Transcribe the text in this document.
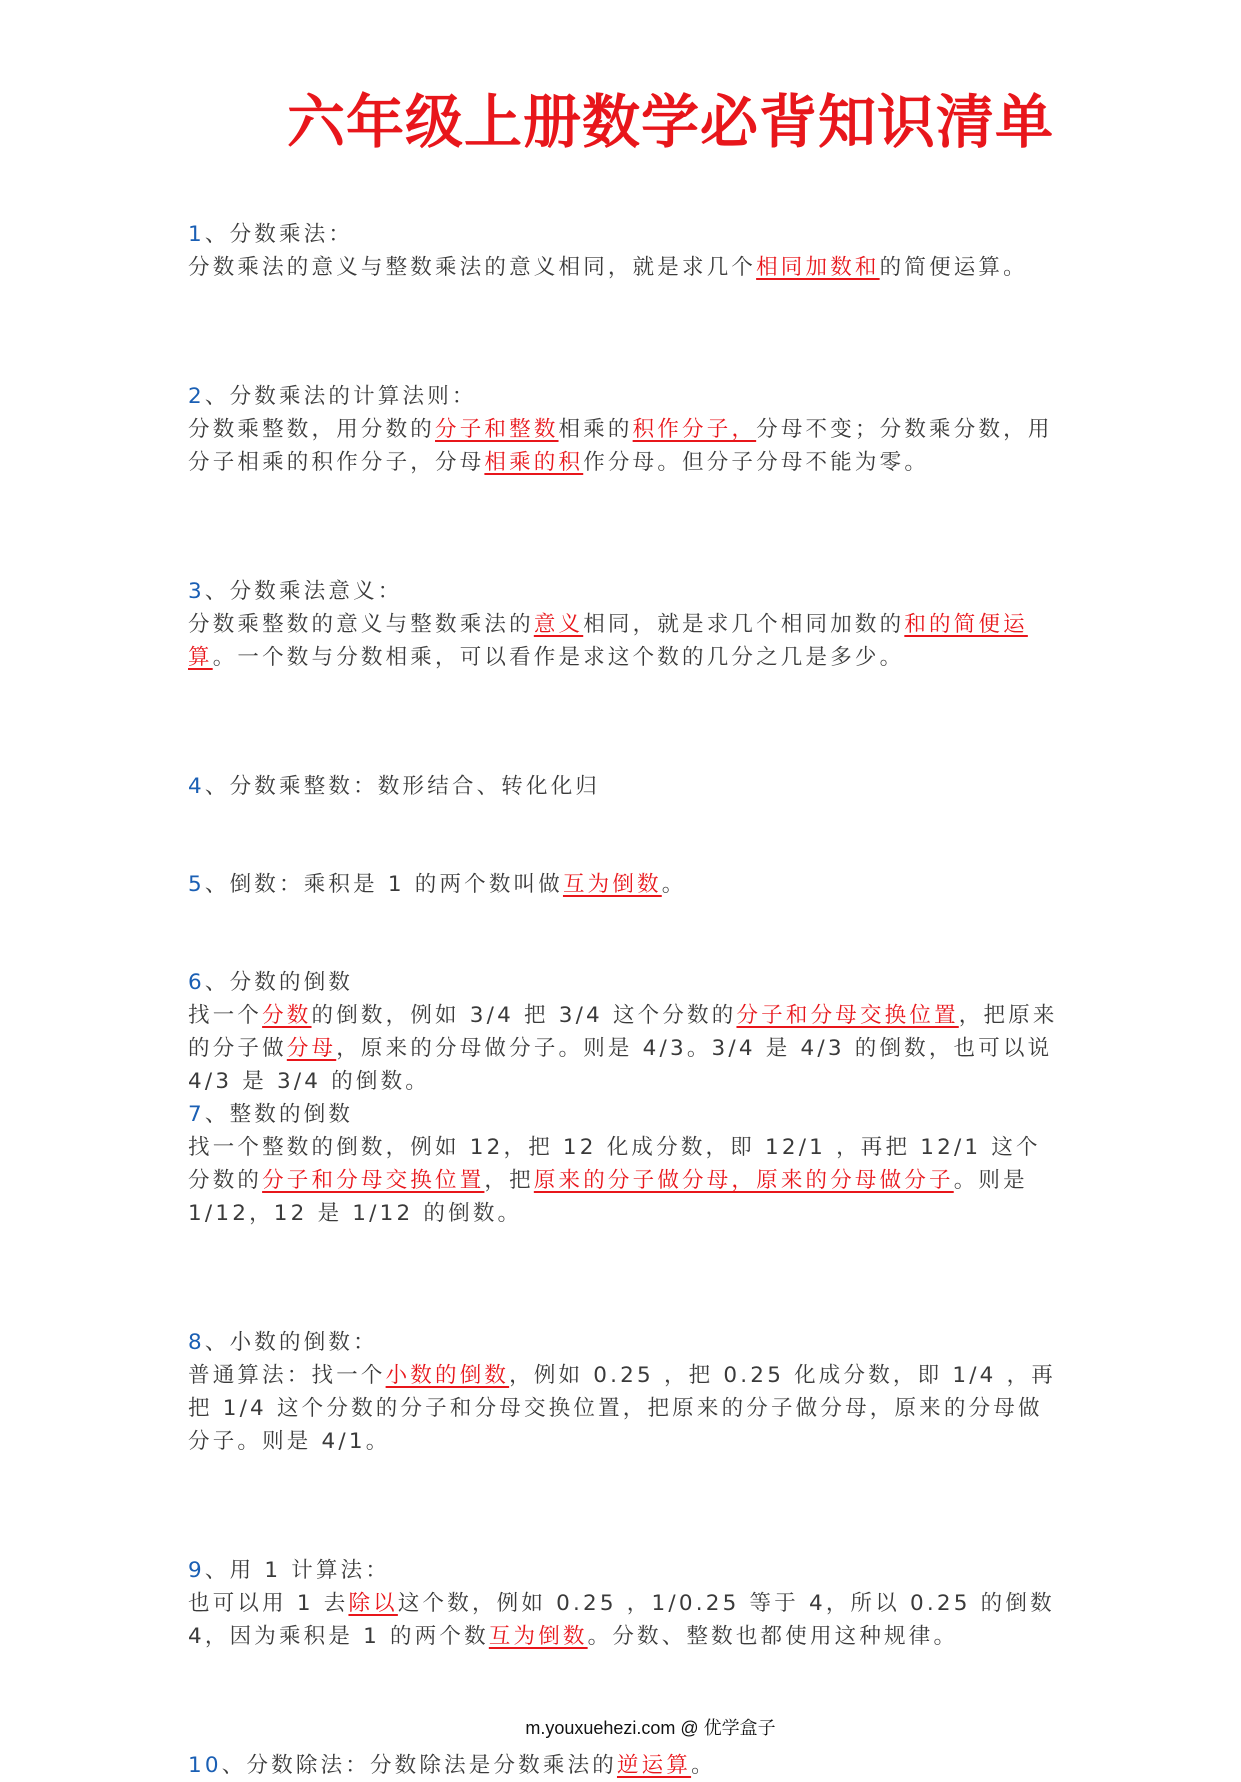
六年级上册数学必背知识清单
1、分数乘法：
分数乘法的意义与整数乘法的意义相同，就是求几个相同加数和的简便运算。
2、分数乘法的计算法则：
分数乘整数，用分数的分子和整数相乘的积作分子，分母不变；分数乘分数，用分子相乘的积作分子，分母相乘的积作分母。但分子分母不能为零。
3、分数乘法意义：
分数乘整数的意义与整数乘法的意义相同，就是求几个相同加数的和的简便运算。一个数与分数相乘，可以看作是求这个数的几分之几是多少。
4、分数乘整数：数形结合、转化化归
5、倒数：乘积是 1 的两个数叫做互为倒数。
6、分数的倒数
找一个分数的倒数，例如 3/4 把 3/4 这个分数的分子和分母交换位置，把原来的分子做分母，原来的分母做分子。则是 4/3。3/4 是 4/3 的倒数，也可以说 4/3 是 3/4 的倒数。
7、整数的倒数
找一个整数的倒数，例如 12，把 12 化成分数，即 12/1 ，再把 12/1 这个分数的分子和分母交换位置，把原来的分子做分母，原来的分母做分子。则是 1/12，12 是 1/12 的倒数。
8、小数的倒数：
普通算法：找一个小数的倒数，例如 0.25 ，把 0.25 化成分数，即 1/4 ，再把 1/4 这个分数的分子和分母交换位置，把原来的分子做分母，原来的分母做分子。则是 4/1。
9、用 1 计算法：
也可以用 1 去除以这个数，例如 0.25 ，1/0.25 等于 4，所以 0.25 的倒数 4，因为乘积是 1 的两个数互为倒数。分数、整数也都使用这种规律。
10、分数除法：分数除法是分数乘法的逆运算。
m.youxuehezi.com @ 优学盒子
